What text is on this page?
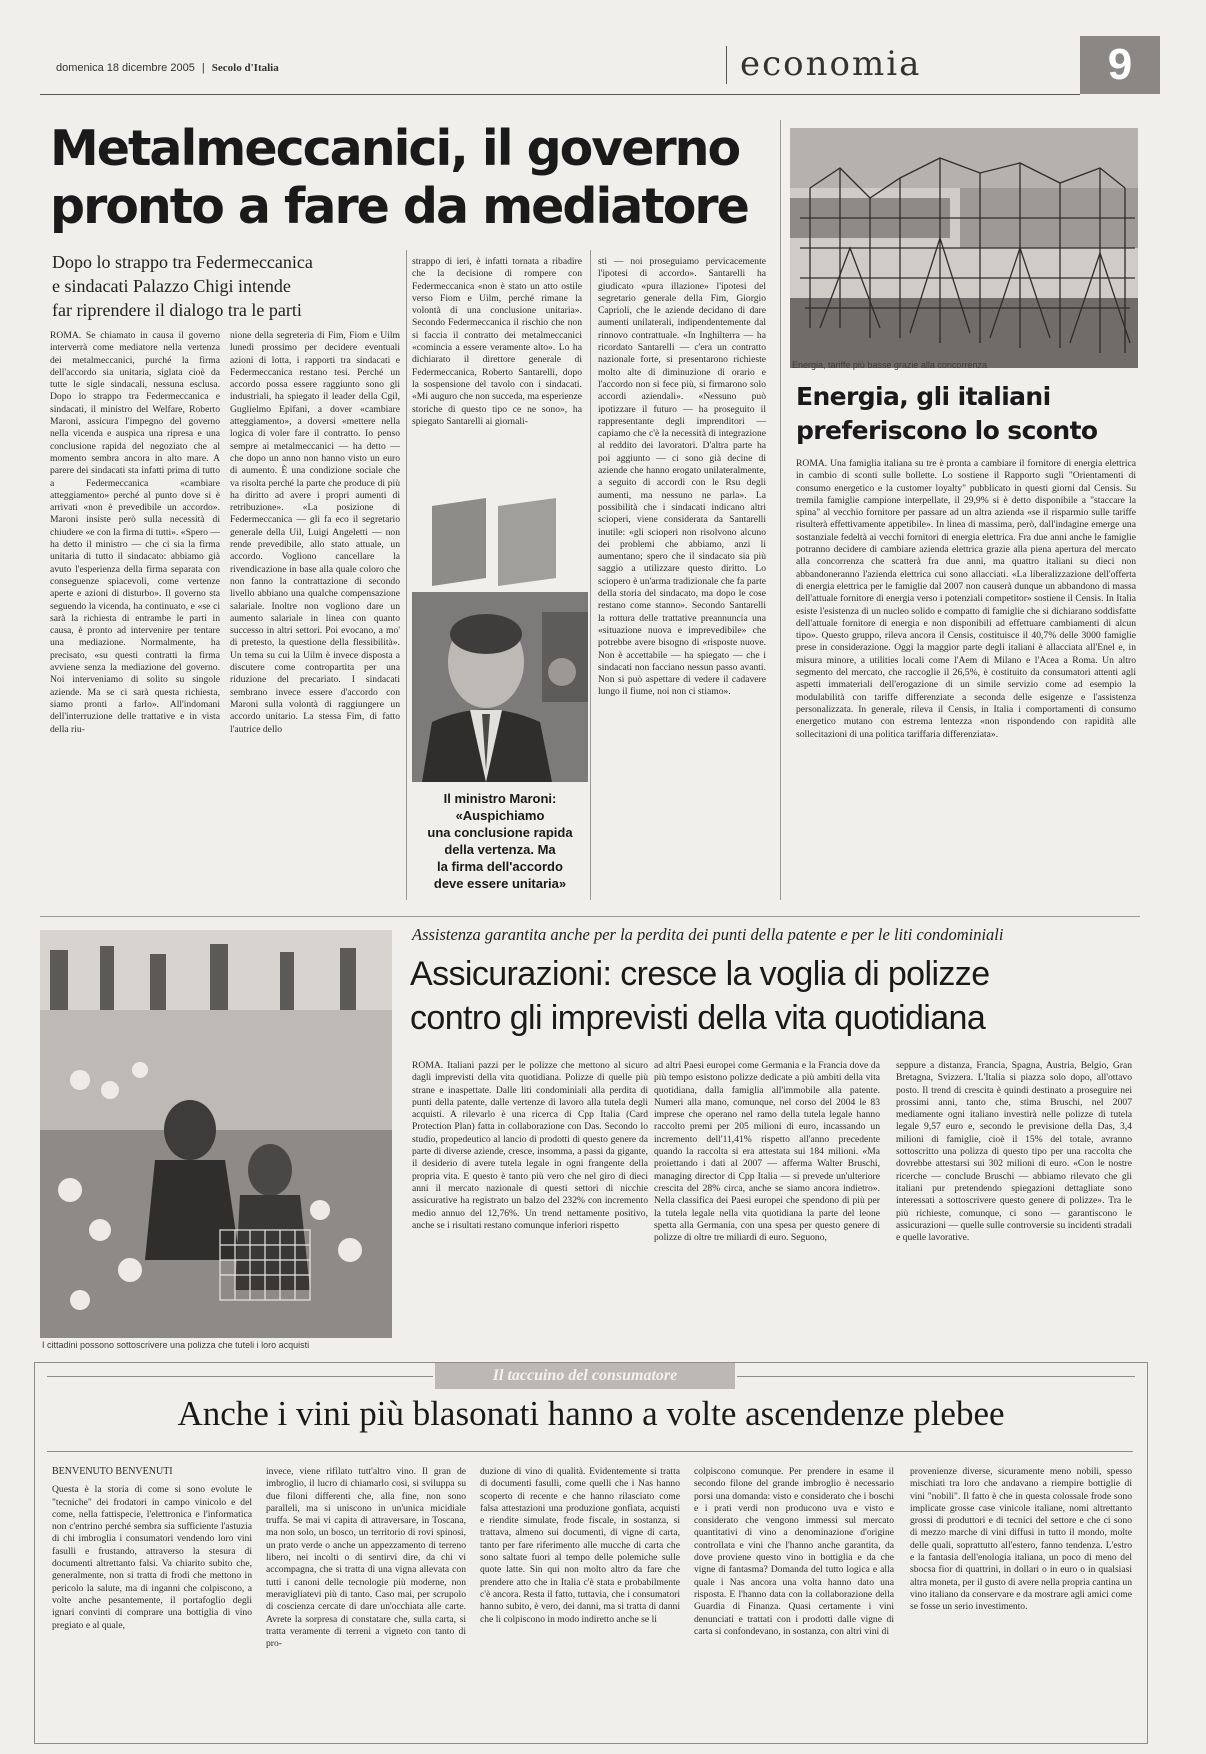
domenica 18 dicembre 2005 | Secolo d'Italia	economia	9
Metalmeccanici, il governo
pronto a fare da mediatore
Dopo lo strappo tra Federmeccanica
e sindacati Palazzo Chigi intende
far riprendere il dialogo tra le parti
ROMA. Se chiamato in causa il governo interverrà come mediatore nella vertenza dei metalmeccanici, purché la firma dell'accordo sia unitaria, siglata cioè da tutte le sigle sindacali, nessuna esclusa. Dopo lo strappo tra Federmeccanica e sindacati, il ministro del Welfare, Roberto Maroni, assicura l'impegno del governo nella vicenda e auspica una ripresa e una conclusione rapida del negoziato che al momento sembra ancora in alto mare. A parere dei sindacati sta infatti prima di tutto a Federmeccanica «cambiare atteggiamento» perché al punto dove si è arrivati «non è prevedibile un accordo». Maroni insiste però sulla necessità di chiudere «e con la firma di tutti». «Spero — ha detto il ministro — che ci sia la firma unitaria di tutto il sindacato: abbiamo già avuto l'esperienza della firma separata con conseguenze spiacevoli, come vertenze aperte e azioni di disturbo». Il governo sta seguendo la vicenda, ha continuato, e «se ci sarà la richiesta di entrambe le parti in causa, è pronto ad intervenire per tentare una mediazione. Normalmente, ha precisato, «su questi contratti la firma avviene senza la mediazione del governo. Noi interveniamo di solito su singole aziende. Ma se ci sarà questa richiesta, siamo pronti a farlo». All'indomani dell'interruzione delle trattative e in vista della riu-
nione della segreteria di Fim, Fiom e Uilm lunedì prossimo per decidere eventuali azioni di lotta, i rapporti tra sindacati e Federmeccanica restano tesi. Perché un accordo possa essere raggiunto sono gli industriali, ha spiegato il leader della Cgil, Guglielmo Epifani, a dover «cambiare atteggiamento», a doversi «mettere nella logica di voler fare il contratto. Io penso sempre ai metalmeccanici — ha detto — che dopo un anno non hanno visto un euro di aumento. È una condizione sociale che va risolta perché la parte che produce di più ha diritto ad avere i propri aumenti di retribuzione». «La posizione di Federmeccanica — gli fa eco il segretario generale della Uil, Luigi Angeletti — non rende prevedibile, allo stato attuale, un accordo. Vogliono cancellare la rivendicazione in base alla quale coloro che non fanno la contrattazione di secondo livello abbiano una qualche compensazione salariale. Inoltre non vogliono dare un aumento salariale in linea con quanto successo in altri settori. Poi evocano, a mo' di pretesto, la questione della flessibilità». Un tema su cui la Uilm è invece disposta a discutere come contropartita per una riduzione del precariato. I sindacati sembrano invece essere d'accordo con Maroni sulla volontà di raggiungere un accordo unitario. La stessa Fim, di fatto l'autrice dello
strappo di ieri, è infatti tornata a ribadire che la decisione di rompere con Federmeccanica «non è stato un atto ostile verso Fiom e Uilm, perché rimane la volontà di una conclusione unitaria». Secondo Federmeccanica il rischio che non si faccia il contratto dei metalmeccanici «comincia a essere veramente alto». Lo ha dichiarato il direttore generale di Federmeccanica, Roberto Santarelli, dopo la sospensione del tavolo con i sindacati. «Mi auguro che non succeda, ma esperienze storiche di questo tipo ce ne sono», ha spiegato Santarelli ai giornali-
sti — noi proseguiamo pervicacemente l'ipotesi di accordo». Santarelli ha giudicato «pura illazione» l'ipotesi del segretario generale della Fim, Giorgio Caprioli, che le aziende decidano di dare aumenti unilaterali, indipendentemente dal rinnovo contrattuale. «In Inghilterra — ha ricordato Santarelli — c'era un contratto nazionale forte, si presentarono richieste molto alte di diminuzione di orario e l'accordo non si fece più, si firmarono solo accordi aziendali». «Nessuno può ipotizzare il futuro — ha proseguito il rappresentante degli imprenditori — capiamo che c'è la necessità di integrazione al reddito dei lavoratori. D'altra parte ha poi aggiunto — ci sono già decine di aziende che hanno erogato unilateralmente, a seguito di accordi con le Rsu degli aumenti, ma nessuno ne parla». La possibilità che i sindacati indicano altri scioperi, viene considerata da Santarelli inutile: «gli scioperi non risolvono alcuno dei problemi che abbiamo, anzi li aumentano; spero che il sindacato sia più saggio a utilizzare questo diritto. Lo sciopero è un'arma tradizionale che fa parte della storia del sindacato, ma dopo le cose restano come stanno». Secondo Santarelli la rottura delle trattative preannuncia una «situazione nuova e imprevedibile» che potrebbe avere bisogno di «risposte nuove. Non è accettabile — ha spiegato — che i sindacati non facciano nessun passo avanti. Non si può aspettare di vedere il cadavere lungo il fiume, noi non ci stiamo».
Il ministro Maroni:
«Auspichiamo
una conclusione rapida
della vertenza. Ma
la firma dell'accordo
deve essere unitaria»
Energia, tariffe più basse grazie alla concorrenza
Energia, gli italiani
preferiscono lo sconto
ROMA. Una famiglia italiana su tre è pronta a cambiare il fornitore di energia elettrica in cambio di sconti sulle bollette. Lo sostiene il Rapporto sugli "Orientamenti di consumo energetico e la customer loyalty" pubblicato in questi giorni dal Censis. Su tremila famiglie campione interpellate, il 29,9% si è detto disponibile a "staccare la spina" al vecchio fornitore per passare ad un altra azienda «se il risparmio sulle tariffe risulterà effettivamente appetibile». In linea di massima, però, dall'indagine emerge una sostanziale fedeltà ai vecchi fornitori di energia elettrica. Fra due anni anche le famiglie potranno decidere di cambiare azienda elettrica grazie alla piena apertura del mercato alla concorrenza che scatterà fra due anni, ma quattro italiani su dieci non abbandoneranno l'azienda elettrica cui sono allacciati. «La liberalizzazione dell'offerta di energia elettrica per le famiglie dal 2007 non causerà dunque un abbandono di massa dell'attuale fornitore di energia verso i potenziali competitor» sostiene il Censis. In Italia esiste l'esistenza di un nucleo solido e compatto di famiglie che si dichiarano soddisfatte dell'attuale fornitore di energia e non disponibili ad effettuare cambiamenti di alcun tipo». Questo gruppo, rileva ancora il Censis, costituisce il 40,7% delle 3000 famiglie prese in considerazione. Oggi la maggior parte degli italiani è allacciata all'Enel e, in misura minore, a utilities locali come l'Aem di Milano e l'Acea a Roma. Un altro segmento del mercato, che raccoglie il 26,5%, è costituito da consumatori attenti agli aspetti immateriali dell'erogazione di un simile servizio come ad esempio la modulabilità con tariffe differenziate a seconda delle esigenze e l'assistenza personalizzata. In generale, rileva il Censis, in Italia i comportamenti di consumo energetico mutano con estrema lentezza «non rispondendo con rapidità alle sollecitazioni di una politica tariffaria differenziata».
I cittadini possono sottoscrivere una polizza che tuteli i loro acquisti
Assistenza garantita anche per la perdita dei punti della patente e per le liti condominiali
Assicurazioni: cresce la voglia di polizze
contro gli imprevisti della vita quotidiana
ROMA. Italiani pazzi per le polizze che mettono al sicuro dagli imprevisti della vita quotidiana. Polizze di quelle più strane e inaspettate. Dalle liti condominiali alla perdita di punti della patente, dalle vertenze di lavoro alla tutela degli acquisti. A rilevarlo è una ricerca di Cpp Italia (Card Protection Plan) fatta in collaborazione con Das. Secondo lo studio, propedeutico al lancio di prodotti di questo genere da parte di diverse aziende, cresce, insomma, a passi da gigante, il desiderio di avere tutela legale in ogni frangente della propria vita. E questo è tanto più vero che nel giro di dieci anni il mercato nazionale di questi settori di nicchie assicurative ha registrato un balzo del 232% con incremento medio annuo del 12,76%. Un trend nettamente positivo, anche se i risultati restano comunque inferiori rispetto
ad altri Paesi europei come Germania e la Francia dove da più tempo esistono polizze dedicate a più ambiti della vita quotidiana, dalla famiglia all'immobile alla patente. Numeri alla mano, comunque, nel corso del 2004 le 83 imprese che operano nel ramo della tutela legale hanno raccolto premi per 205 milioni di euro, incassando un incremento dell'11,41% rispetto all'anno precedente quando la raccolta si era attestata sui 184 milioni. «Ma proiettando i dati al 2007 — afferma Walter Bruschi, managing director di Cpp Italia — si prevede un'ulteriore crescita del 28% circa, anche se siamo ancora indietro». Nella classifica dei Paesi europei che spendono di più per la tutela legale nella vita quotidiana la parte del leone spetta alla Germania, con una spesa per questo genere di polizze di oltre tre miliardi di euro. Seguono,
seppure a distanza, Francia, Spagna, Austria, Belgio, Gran Bretagna, Svizzera. L'Italia si piazza solo dopo, all'ottavo posto. Il trend di crescita è quindi destinato a proseguire nei prossimi anni, tanto che, stima Bruschi, nel 2007 mediamente ogni italiano investirà nelle polizze di tutela legale 9,57 euro e, secondo le previsione della Das, 3,4 milioni di famiglie, cioè il 15% del totale, avranno sottoscritto una polizza di questo tipo per una raccolta che dovrebbe attestarsi sui 302 milioni di euro. «Con le nostre ricerche — conclude Bruschi — abbiamo rilevato che gli italiani pur pretendendo spiegazioni dettagliate sono interessati a sottoscrivere questo genere di polizze». Tra le più richieste, comunque, ci sono — garantiscono le assicurazioni — quelle sulle controversie su incidenti stradali e quelle lavorative.
Il taccuino del consumatore
Anche i vini più blasonati hanno a volte ascendenze plebee
BENVENUTO BENVENUTI
Questa è la storia di come si sono evolute le "tecniche" dei frodatori in campo vinicolo e del come, nella fattispecie, l'elettronica e l'informatica non c'entrino perché sembra sia sufficiente l'astuzia di chi imbroglia i consumatori vendendo loro vini fasulli e frustando, attraverso la stesura di documenti altrettanto falsi. Va chiarito subito che, generalmente, non si tratta di frodi che mettono in pericolo la salute, ma di inganni che colpiscono, a volte anche pesantemente, il portafoglio degli ignari convinti di comprare una bottiglia di vino pregiato e al quale,
invece, viene rifilato tutt'altro vino. Il gran de imbroglio, il lucro di chiamarlo così, si sviluppa su due filoni differenti che, alla fine, non sono paralleli, ma si uniscono in un'unica micidiale truffa. Se mai vi capita di attraversare, in Toscana, ma non solo, un bosco, un territorio di rovi spinosi, un prato verde o anche un appezzamento di terreno libero, nei incolti o di sentirvi dire, da chi vi accompagna, che si tratta di una vigna allevata con tutti i canoni delle tecnologie più moderne, non meravigliatevi più di tanto. Caso mai, per scrupolo di coscienza cercate di dare un'occhiata alle carte. Avrete la sorpresa di constatare che, sulla carta, si tratta veramente di terreni a vigneto con tanto di pro-
duzione di vino di qualità. Evidentemente si tratta di documenti fasulli, come quelli che i Nas hanno scoperto di recente e che hanno rilasciato come falsa attestazioni una produzione gonfiata, acquisti e riendite simulate, frode fiscale, in sostanza, si trattava, almeno sui documenti, di vigne di carta, tanto per fare riferimento alle mucche di carta che sono saltate fuori al tempo delle polemiche sulle quote latte. Sin qui non molto altro da fare che prendere atto che in Italia c'è stata e probabilmente c'è ancora. Resta il fatto, tuttavia, che i consumatori hanno subito, è vero, dei danni, ma si tratta di danni che li colpiscono in modo indiretto anche se li
colpiscono comunque. Per prendere in esame il secondo filone del grande imbroglio è necessario porsi una domanda: visto e considerato che i boschi e i prati verdi non producono uva e visto e considerato che vengono immessi sul mercato quantitativi di vino a denominazione d'origine controllata e vini che l'hanno anche garantita, da dove proviene questo vino in bottiglia e da che vigne di fantasma? Domanda del tutto logica e alla quale i Nas ancora una volta hanno dato una risposta. E l'hanno data con la collaborazione della Guardia di Finanza. Quasi certamente i vini denunciati e trattati con i prodotti dalle vigne di carta si confondevano, in sostanza, con altri vini di
provenienze diverse, sicuramente meno nobili, spesso mischiati tra loro che andavano a riempire bottiglie di vini "nobili". Il fatto è che in questa colossale frode sono implicate grosse case vinicole italiane, nomi altrettanto grossi di produttori e di tecnici del settore e che ci sono di mezzo marche di vini diffusi in tutto il mondo, molte delle quali, soprattutto all'estero, fanno tendenza. L'estro e la fantasia dell'enologia italiana, un poco di meno del sbocsa fior di quattrini, in dollari o in euro o in qualsiasi altra moneta, per il gusto di avere nella propria cantina un vino italiano da conservare e da mostrare agli amici come se fosse un serio investimento.
